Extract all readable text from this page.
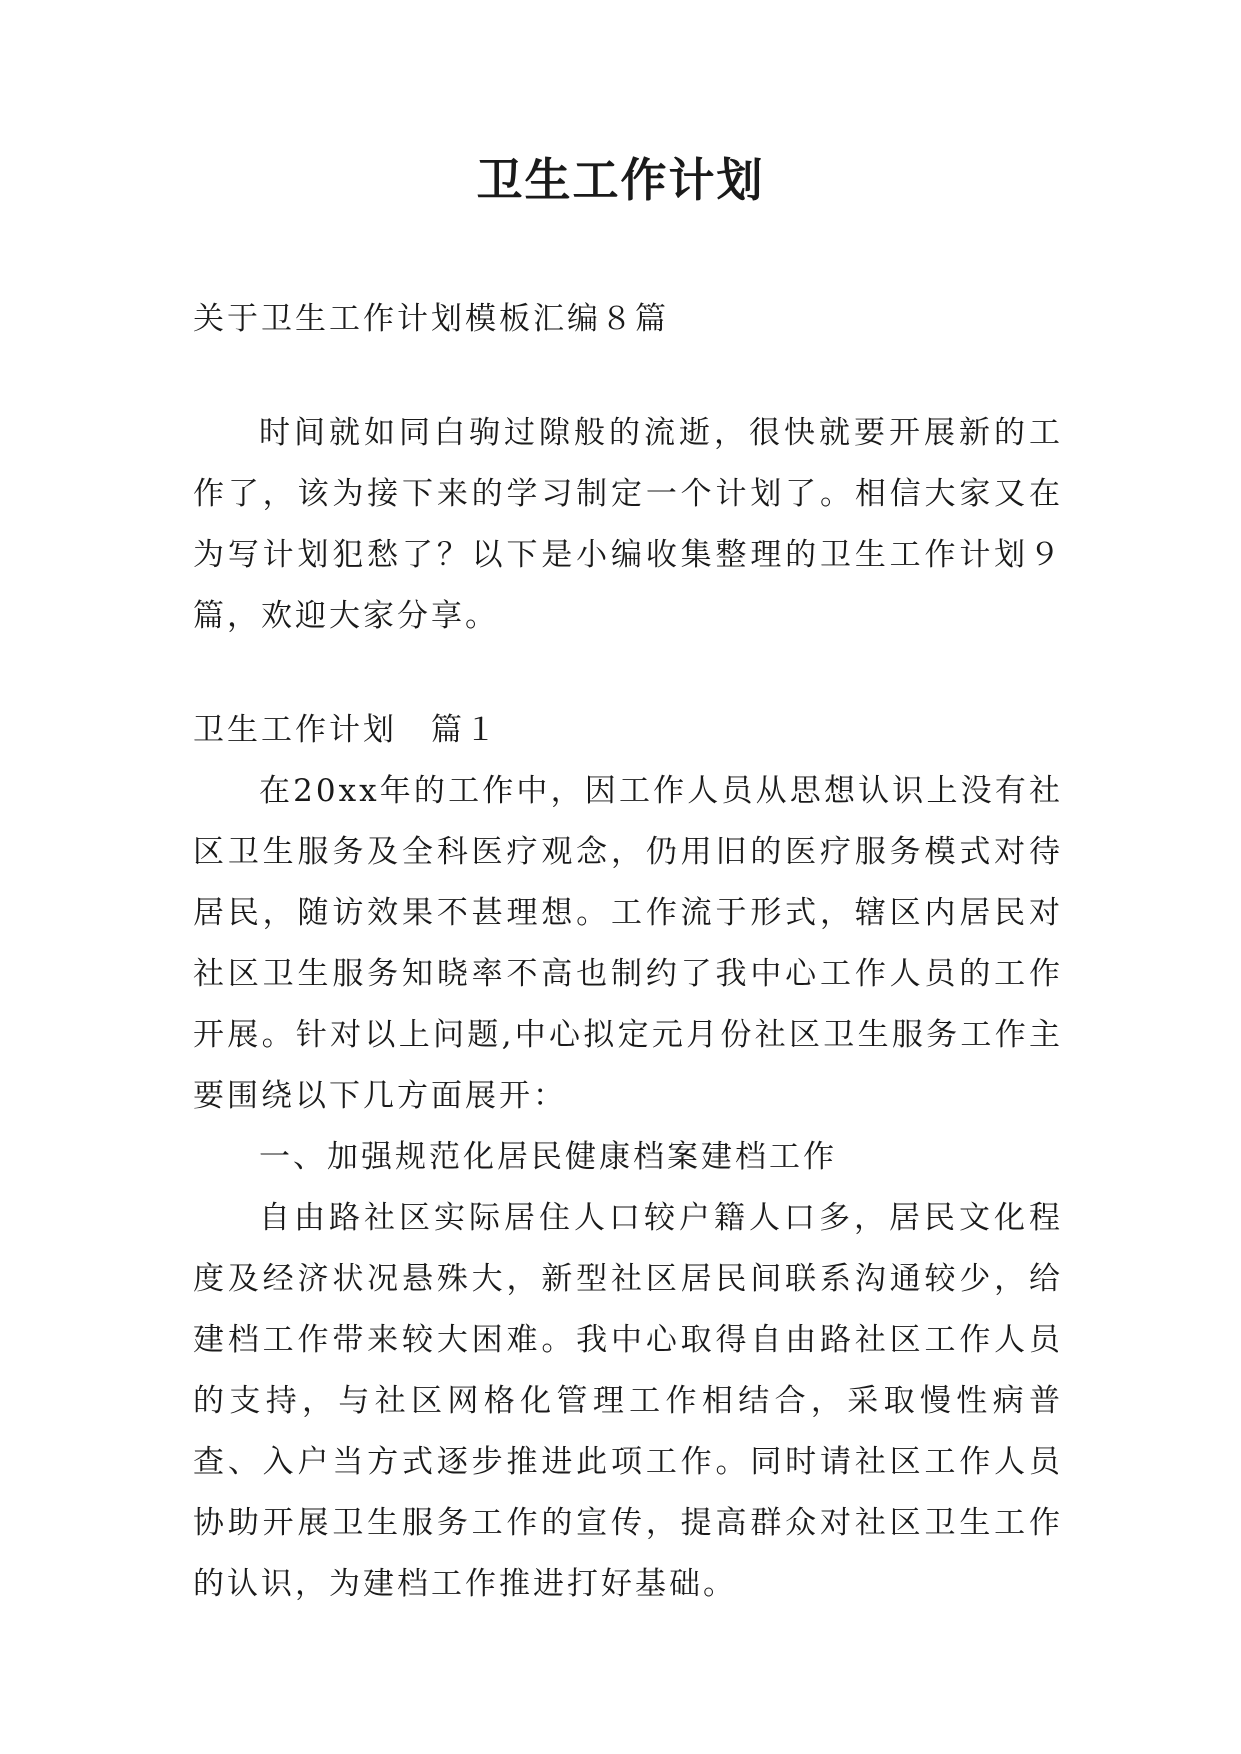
卫生工作计划

关于卫生工作计划模板汇编８篇

时间就如同白驹过隙般的流逝，很快就要开展新的工作了，该为接下来的学习制定一个计划了。相信大家又在为写计划犯愁了？以下是小编收集整理的卫生工作计划９篇，欢迎大家分享。

卫生工作计划　篇１

在20xx年的工作中，因工作人员从思想认识上没有社区卫生服务及全科医疗观念，仍用旧的医疗服务模式对待居民，随访效果不甚理想。工作流于形式，辖区内居民对社区卫生服务知晓率不高也制约了我中心工作人员的工作开展。针对以上问题,中心拟定元月份社区卫生服务工作主要围绕以下几方面展开：

一、加强规范化居民健康档案建档工作

自由路社区实际居住人口较户籍人口多，居民文化程度及经济状况悬殊大，新型社区居民间联系沟通较少，给建档工作带来较大困难。我中心取得自由路社区工作人员的支持，与社区网格化管理工作相结合，采取慢性病普查、入户当方式逐步推进此项工作。同时请社区工作人员协助开展卫生服务工作的宣传，提高群众对社区卫生工作的认识，为建档工作推进打好基础。
